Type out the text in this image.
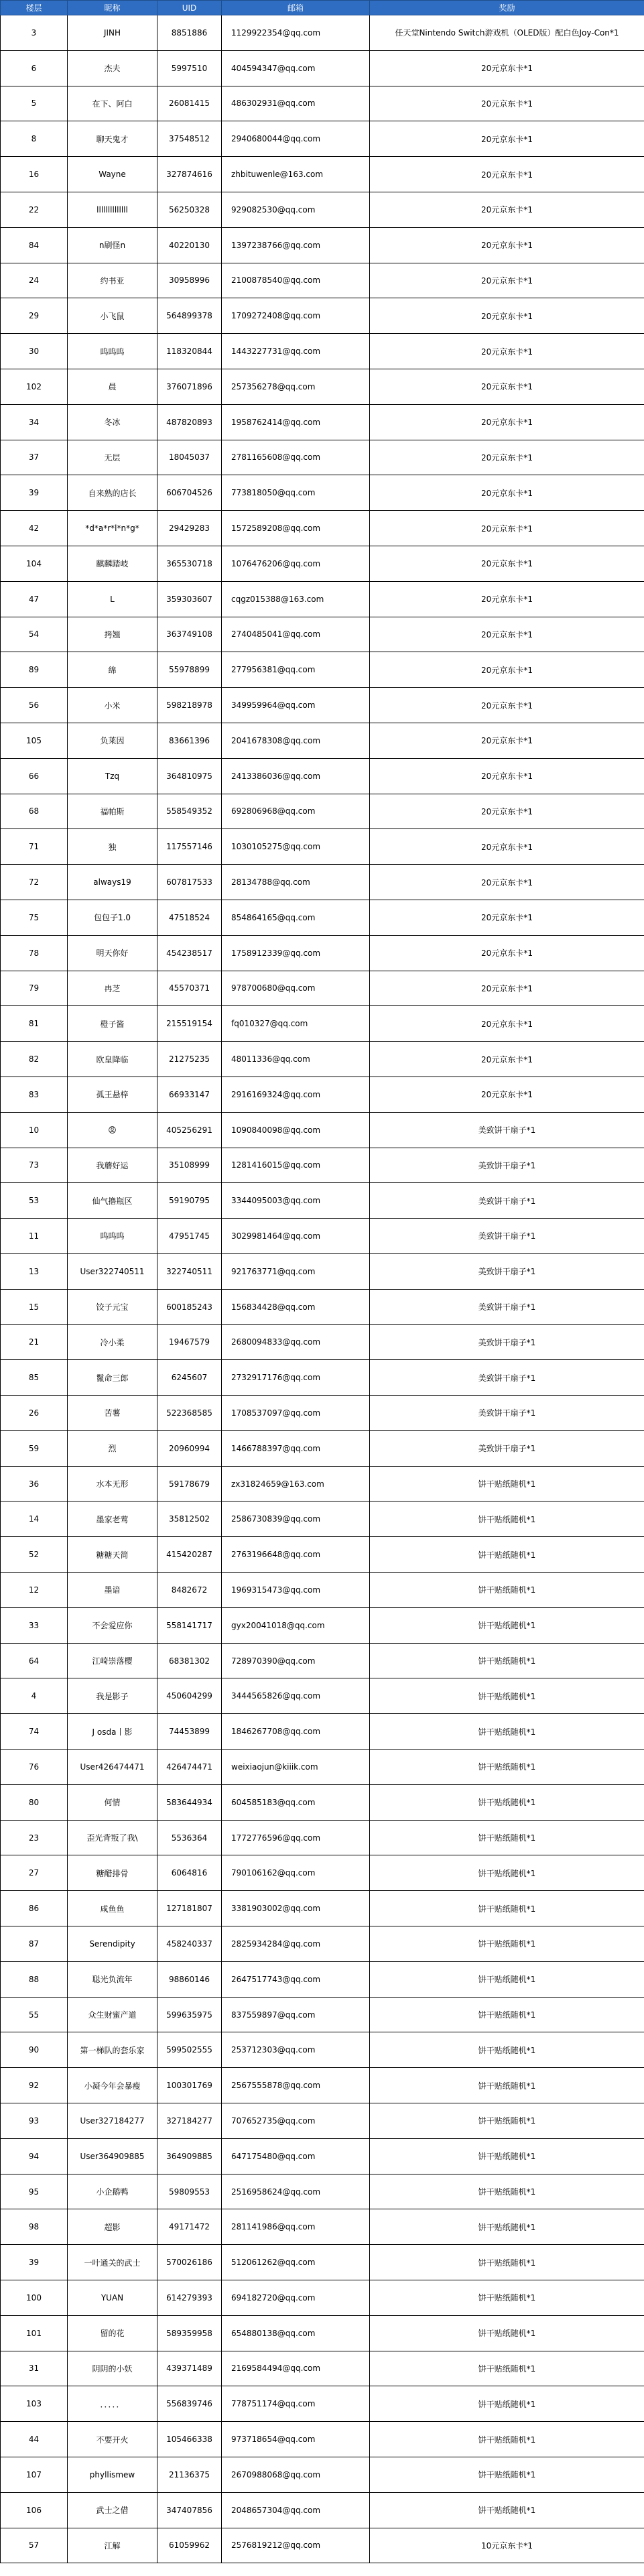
楼层	昵称	UID	邮箱	奖励
3	JINH	8851886	1129922354@qq.com	任天堂Nintendo Switch游戏机（OLED版）配白色Joy-Con*1
6	杰夫	5997510	404594347@qq.com	20元京东卡*1
5	在下、阿白	26081415	486302931@qq.com	20元京东卡*1
8	聊天鬼才	37548512	2940680044@qq.com	20元京东卡*1
16	Wayne	327874616	zhbituwenle@163.com	20元京东卡*1
22	llllllllllllll	56250328	929082530@qq.com	20元京东卡*1
84	n刷怪n	40220130	1397238766@qq.com	20元京东卡*1
24	约书亚	30958996	2100878540@qq.com	20元京东卡*1
29	小飞鼠	564899378	1709272408@qq.com	20元京东卡*1
30	呜呜呜	118320844	1443227731@qq.com	20元京东卡*1
102	晨	376071896	257356278@qq.com	20元京东卡*1
34	冬冰	487820893	1958762414@qq.com	20元京东卡*1
37	无层	18045037	2781165608@qq.com	20元京东卡*1
39	自来熟的店长	606704526	773818050@qq.com	20元京东卡*1
42	*d*a*r*l*n*g*	29429283	1572589208@qq.com	20元京东卡*1
104	麒麟踏岐	365530718	1076476206@qq.com	20元京东卡*1
47	L	359303607	cqgz015388@163.com	20元京东卡*1
54	拷翘	363749108	2740485041@qq.com	20元京东卡*1
89	绵	55978899	277956381@qq.com	20元京东卡*1
56	小米	598218978	349959964@qq.com	20元京东卡*1
105	负莱因	83661396	2041678308@qq.com	20元京东卡*1
66	Tzq	364810975	2413386036@qq.com	20元京东卡*1
68	福帕斯	558549352	692806968@qq.com	20元京东卡*1
71	独	117557146	1030105275@qq.com	20元京东卡*1
72	always19	607817533	28134788@qq.com	20元京东卡*1
75	包包子1.0	47518524	854864165@qq.com	20元京东卡*1
78	明天你好	454238517	1758912339@qq.com	20元京东卡*1
79	冉芝	45570371	978700680@qq.com	20元京东卡*1
81	橙子酱	215519154	fq010327@qq.com	20元京东卡*1
82	欧皇降临	21275235	48011336@qq.com	20元京东卡*1
83	孤王悬梓	66933147	2916169324@qq.com	20元京东卡*1
10	😡	405256291	1090840098@qq.com	美致饼干扇子*1
73	我蘑好运	35108999	1281416015@qq.com	美致饼干扇子*1
53	仙气撸瓶区	59190795	3344095003@qq.com	美致饼干扇子*1
11	呜呜呜	47951745	3029981464@qq.com	美致饼干扇子*1
13	User322740511	322740511	921763771@qq.com	美致饼干扇子*1
15	饺子元宝	600185243	156834428@qq.com	美致饼干扇子*1
21	冷小柔	19467579	2680094833@qq.com	美致饼干扇子*1
85	鬣命三郎	6245607	2732917176@qq.com	美致饼干扇子*1
26	苦薯	522368585	1708537097@qq.com	美致饼干扇子*1
59	烈	20960994	1466788397@qq.com	美致饼干扇子*1
36	水本无形	59178679	zx31824659@163.com	饼干贴纸随机*1
14	墨家老莺	35812502	2586730839@qq.com	饼干贴纸随机*1
52	糖糖天简	415420287	2763196648@qq.com	饼干贴纸随机*1
12	墨谙	8482672	1969315473@qq.com	饼干贴纸随机*1
33	不会爱应你	558141717	gyx20041018@qq.com	饼干贴纸随机*1
64	江崎崇落樱	68381302	728970390@qq.com	饼干贴纸随机*1
4	我是影子	450604299	3444565826@qq.com	饼干贴纸随机*1
74	J osda丨影	74453899	1846267708@qq.com	饼干贴纸随机*1
76	User426474471	426474471	weixiaojun@kiiik.com	饼干贴纸随机*1
80	何情	583644934	604585183@qq.com	饼干贴纸随机*1
23	歪光背叛了我\	5536364	1772776596@qq.com	饼干贴纸随机*1
27	糖醋排骨	6064816	790106162@qq.com	饼干贴纸随机*1
86	咸鱼鱼	127181807	3381903002@qq.com	饼干贴纸随机*1
87	Serendipity	458240337	2825934284@qq.com	饼干贴纸随机*1
88	聪光负流年	98860146	2647517743@qq.com	饼干贴纸随机*1
55	众生财蜜产道	599635975	837559897@qq.com	饼干贴纸随机*1
90	第一梯队的套乐家	599502555	253712303@qq.com	饼干贴纸随机*1
92	小凝今年会暴瘦	100301769	2567555878@qq.com	饼干贴纸随机*1
93	User327184277	327184277	707652735@qq.com	饼干贴纸随机*1
94	User364909885	364909885	647175480@qq.com	饼干贴纸随机*1
95	小企鹅鸭	59809553	2516958624@qq.com	饼干贴纸随机*1
98	超影	49171472	281141986@qq.com	饼干贴纸随机*1
39	一叶通关的武士	570026186	512061262@qq.com	饼干贴纸随机*1
100	YUAN	614279393	694182720@qq.com	饼干贴纸随机*1
101	留的花	589359958	654880138@qq.com	饼干贴纸随机*1
31	阴阴的小妖	439371489	2169584494@qq.com	饼干贴纸随机*1
103	．．．．．	556839746	778751174@qq.com	饼干贴纸随机*1
44	不要开火	105466338	973718654@qq.com	饼干贴纸随机*1
107	phyllismew	21136375	2670988068@qq.com	饼干贴纸随机*1
106	武士之借	347407856	2048657304@qq.com	饼干贴纸随机*1
57	江解	61059962	2576819212@qq.com	10元京东卡*1
